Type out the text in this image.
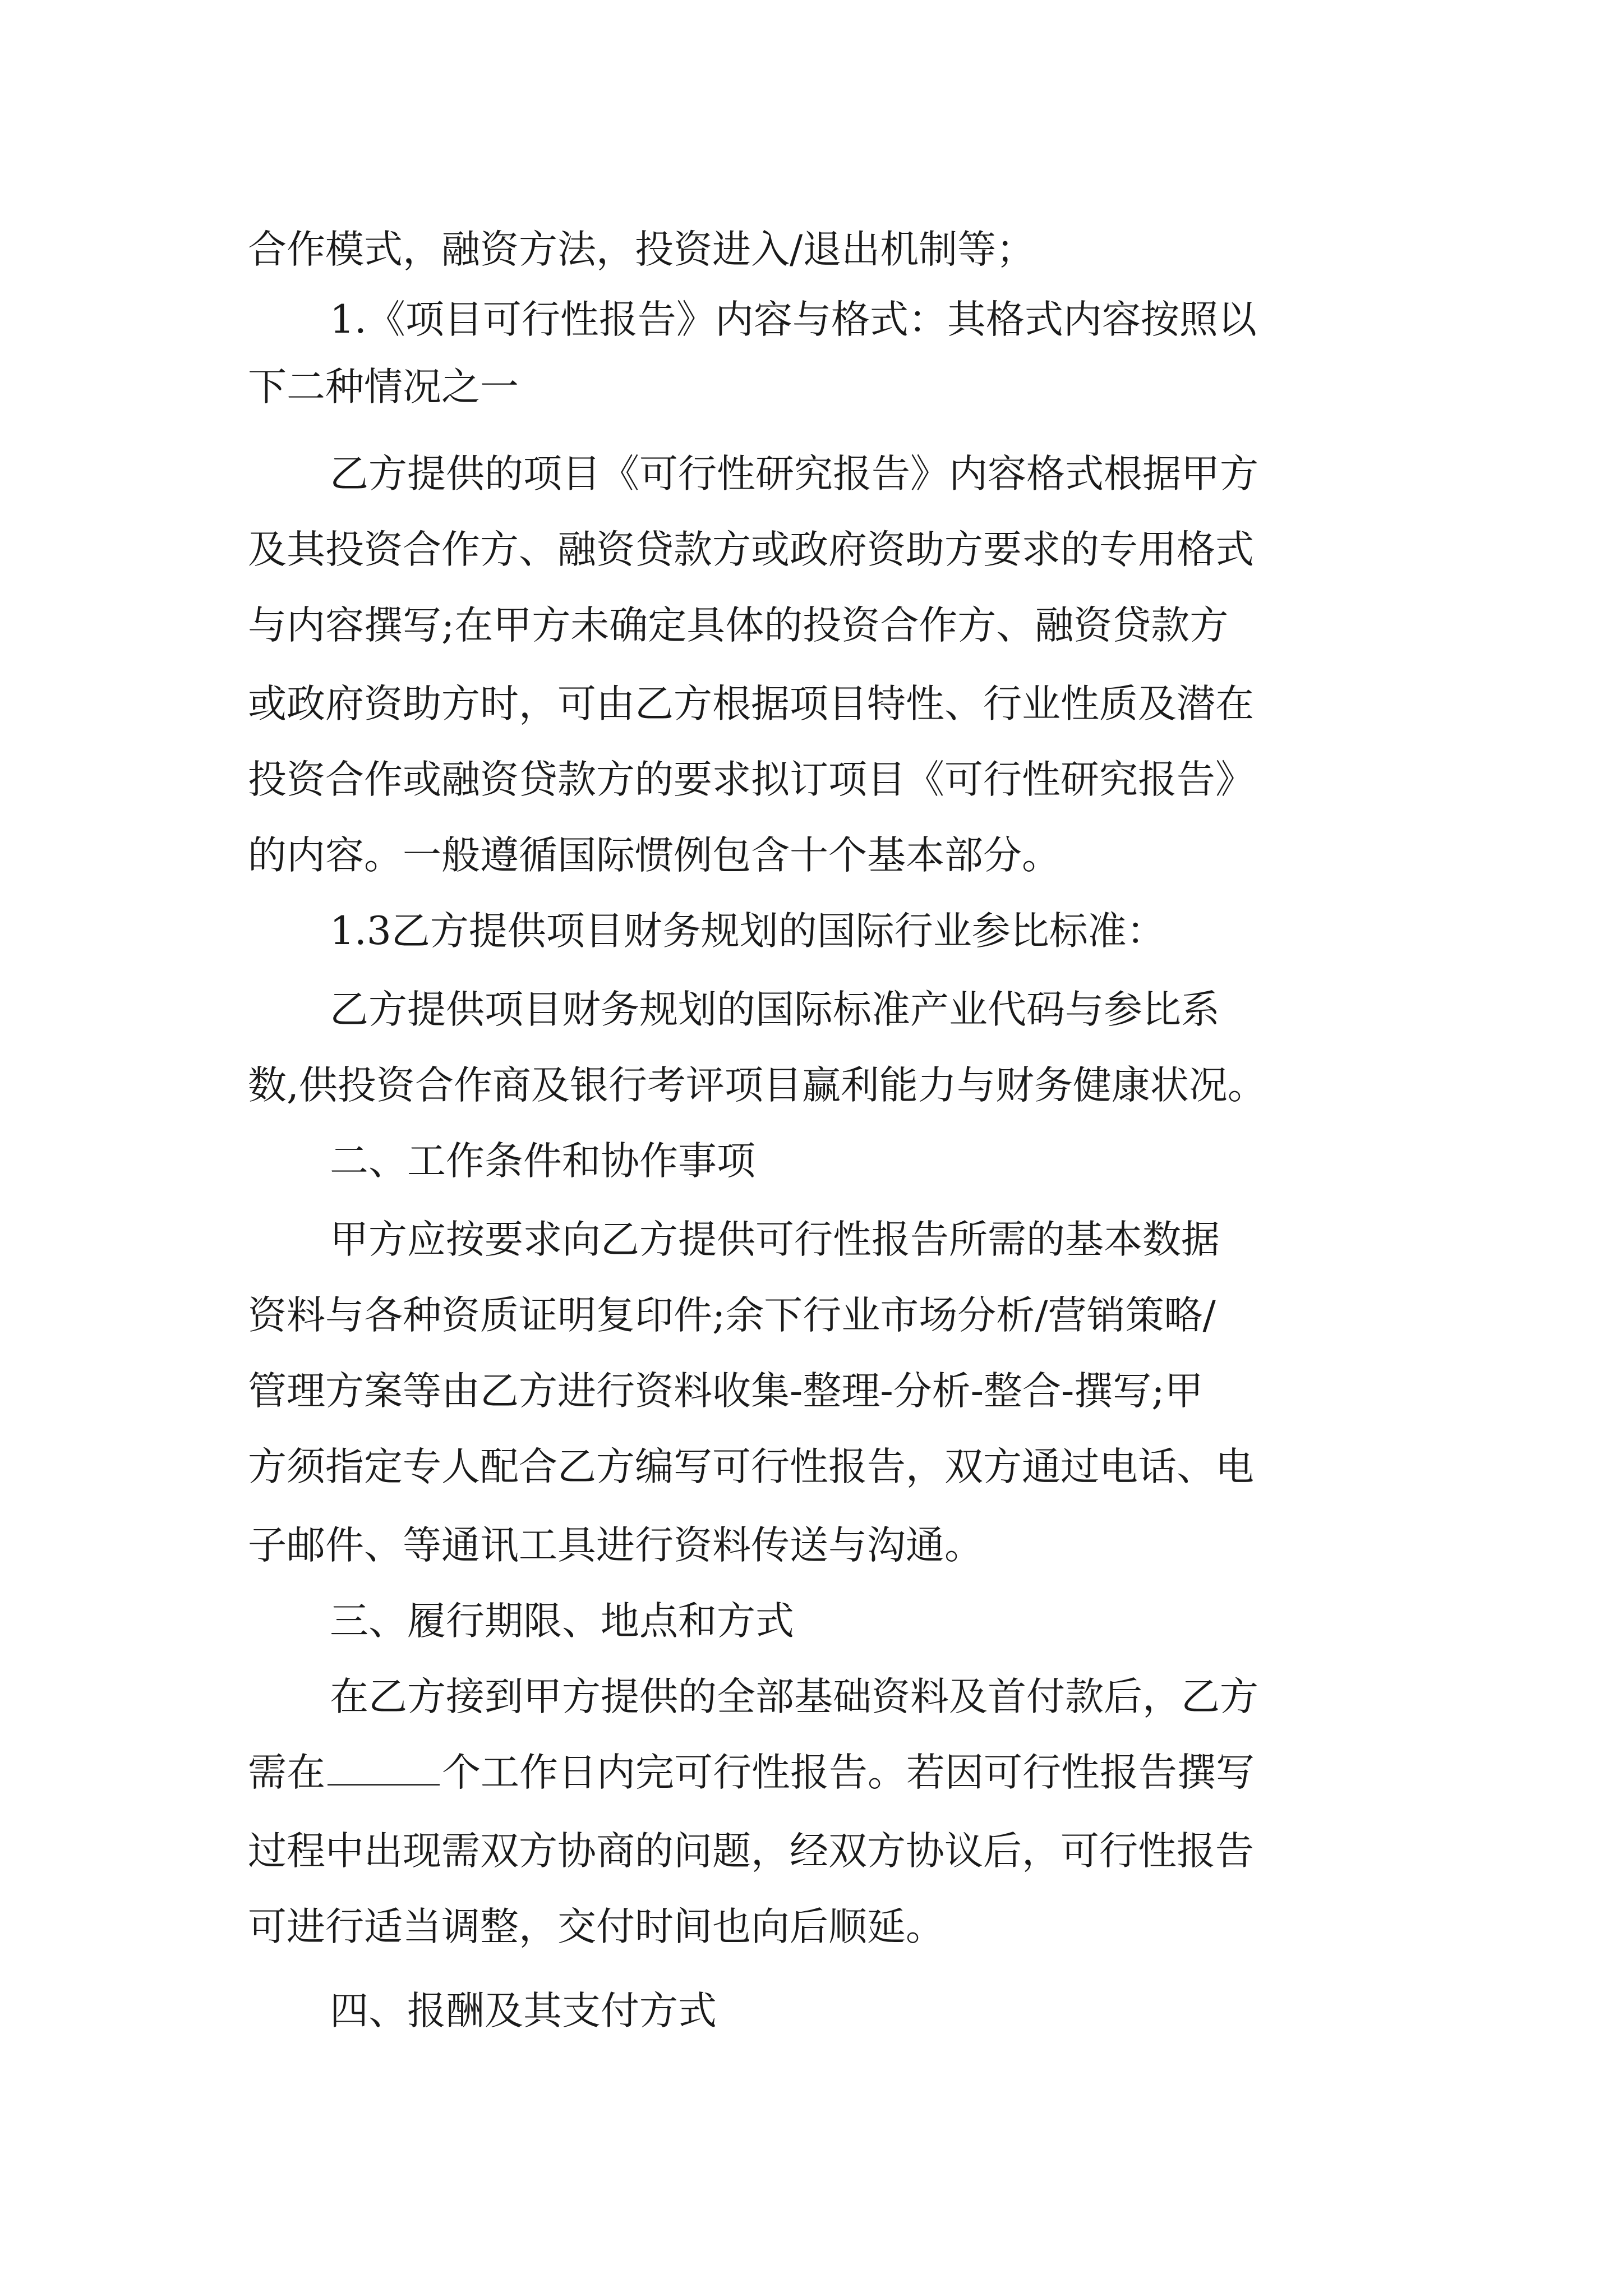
合作模式，融资方法，投资进入/退出机制等；
1.《项目可行性报告》内容与格式：其格式内容按照以
下二种情况之一
乙方提供的项目《可行性研究报告》内容格式根据甲方
及其投资合作方、融资贷款方或政府资助方要求的专用格式
与内容撰写;在甲方未确定具体的投资合作方、融资贷款方
或政府资助方时，可由乙方根据项目特性、行业性质及潜在
投资合作或融资贷款方的要求拟订项目《可行性研究报告》
的内容。一般遵循国际惯例包含十个基本部分。
1.3乙方提供项目财务规划的国际行业参比标准：
乙方提供项目财务规划的国际标准产业代码与参比系
数,供投资合作商及银行考评项目赢利能力与财务健康状况。
二、工作条件和协作事项
甲方应按要求向乙方提供可行性报告所需的基本数据
资料与各种资质证明复印件;余下行业市场分析/营销策略/
管理方案等由乙方进行资料收集-整理-分析-整合-撰写;甲
方须指定专人配合乙方编写可行性报告，双方通过电话、电
子邮件、等通讯工具进行资料传送与沟通。
三、履行期限、地点和方式
在乙方接到甲方提供的全部基础资料及首付款后，乙方
需在	个工作日内完可行性报告。若因可行性报告撰写
过程中出现需双方协商的问题，经双方协议后，可行性报告
可进行适当调整，交付时间也向后顺延。
四、报酬及其支付方式
